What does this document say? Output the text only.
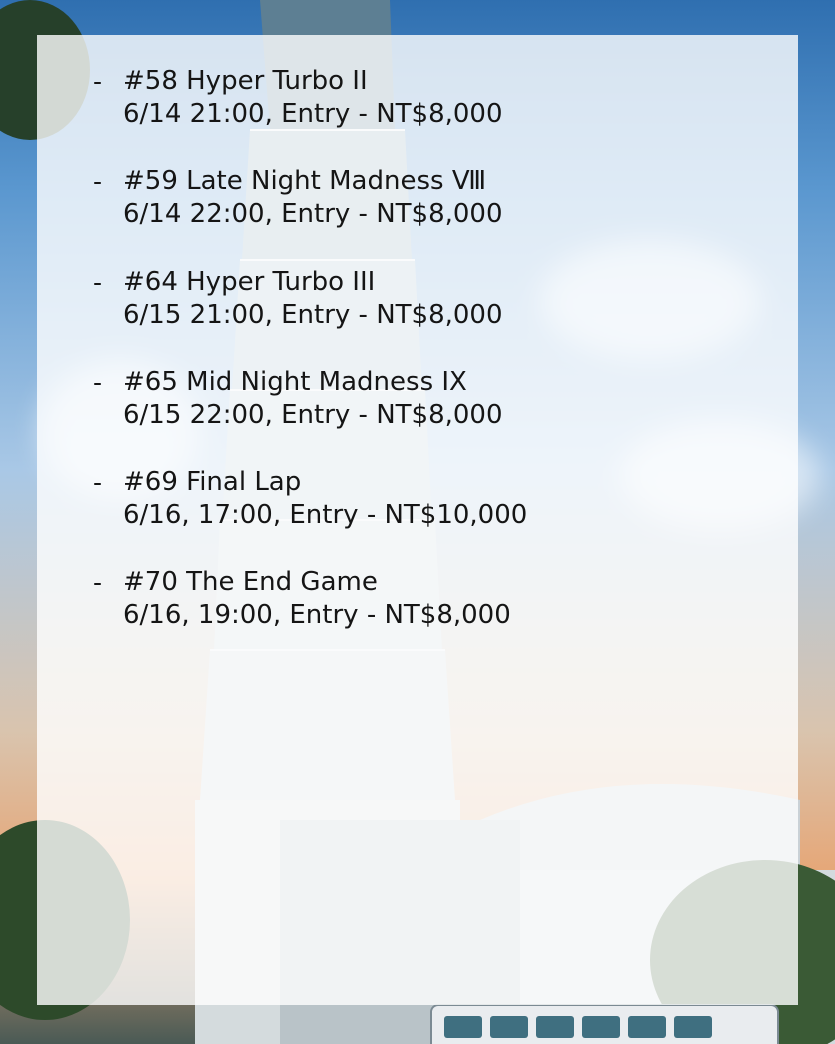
- #58 Hyper Turbo II
6/14 21:00, Entry - NT$8,000
- #59 Late Night Madness Ⅷ
6/14 22:00, Entry - NT$8,000
- #64 Hyper Turbo III
6/15 21:00, Entry - NT$8,000
- #65 Mid Night Madness IX
6/15 22:00, Entry - NT$8,000
- #69 Final Lap
6/16, 17:00, Entry - NT$10,000
- #70 The End Game
6/16, 19:00, Entry - NT$8,000
